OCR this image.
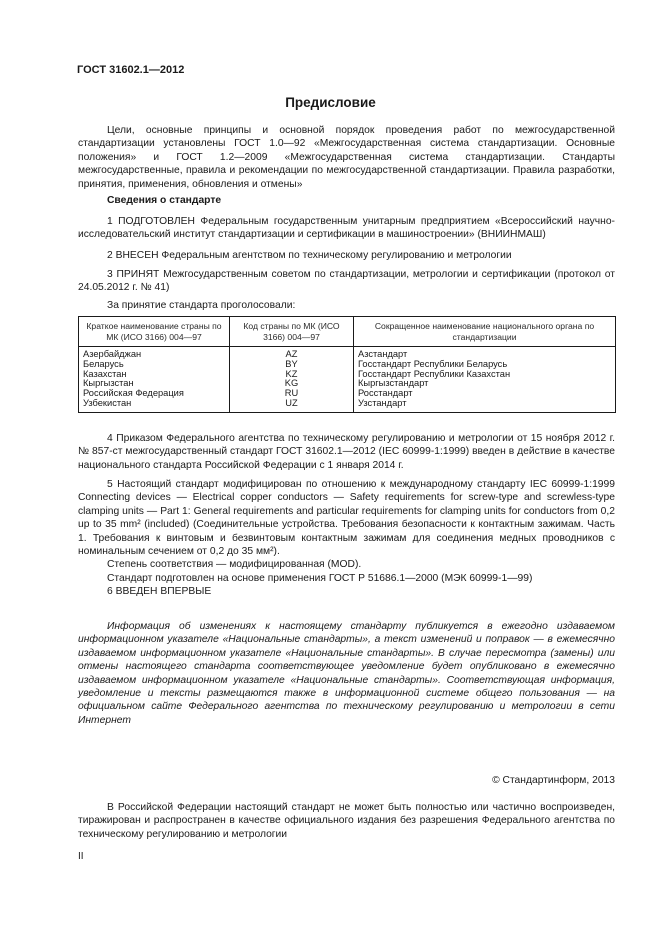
ГОСТ 31602.1—2012
Предисловие

Цели, основные принципы и основной порядок проведения работ по межгосударственной стандартизации установлены ГОСТ 1.0—92 «Межгосударственная система стандартизации. Основные положения» и ГОСТ 1.2—2009 «Межгосударственная система стандартизации. Стандарты межгосударственные, правила и рекомендации по межгосударственной стандартизации. Правила разработки, принятия, применения, обновления и отмены»

Сведения о стандарте

1 ПОДГОТОВЛЕН Федеральным государственным унитарным предприятием «Всероссийский научно-исследовательский институт стандартизации и сертификации в машиностроении» (ВНИИНМАШ)

2 ВНЕСЕН Федеральным агентством по техническому регулированию и метрологии

3 ПРИНЯТ Межгосударственным советом по стандартизации, метрологии и сертификации (протокол от 24.05.2012 г. № 41)

За принятие стандарта проголосовали:

Краткое наименование страны по МК (ИСО 3166) 004—97	Код страны по МК (ИСО 3166) 004—97	Сокращенное наименование национального органа по стандартизации
Азербайджан	AZ	Азстандарт
Беларусь	BY	Госстандарт Республики Беларусь
Казахстан	KZ	Госстандарт Республики Казахстан
Кыргызстан	KG	Кыргызстандарт
Российская Федерация	RU	Росстандарт
Узбекистан	UZ	Узстандарт

4 Приказом Федерального агентства по техническому регулированию и метрологии от 15 ноября 2012 г. № 857-ст межгосударственный стандарт ГОСТ 31602.1—2012 (IEC 60999-1:1999) введен в действие в качестве национального стандарта Российской Федерации с 1 января 2014 г.

5 Настоящий стандарт модифицирован по отношению к международному стандарту IEC 60999-1:1999 Connecting devices — Electrical copper conductors — Safety requirements for screw-type and screwless-type clamping units — Part 1: General requirements and particular requirements for clamping units for conductors from 0,2 up to 35 mm² (included) (Соединительные устройства. Требования безопасности к контактным зажимам. Часть 1. Требования к винтовым и безвинтовым контактным зажимам для соединения медных проводников с номинальным сечением от 0,2 до 35 мм²).

Степень соответствия — модифицированная (MOD).

Стандарт подготовлен на основе применения ГОСТ Р 51686.1—2000 (МЭК 60999-1—99)

6 ВВЕДЕН ВПЕРВЫЕ

Информация об изменениях к настоящему стандарту публикуется в ежегодно издаваемом информационном указателе «Национальные стандарты», а текст изменений и поправок — в ежемесячно издаваемом информационном указателе «Национальные стандарты». В случае пересмотра (замены) или отмены настоящего стандарта соответствующее уведомление будет опубликовано в ежемесячно издаваемом информационном указателе «Национальные стандарты». Соответствующая информация, уведомление и тексты размещаются также в информационной системе общего пользования — на официальном сайте Федерального агентства по техническому регулированию и метрологии в сети Интернет

© Стандартинформ, 2013

В Российской Федерации настоящий стандарт не может быть полностью или частично воспроизведен, тиражирован и распространен в качестве официального издания без разрешения Федерального агентства по техническому регулированию и метрологии

II
